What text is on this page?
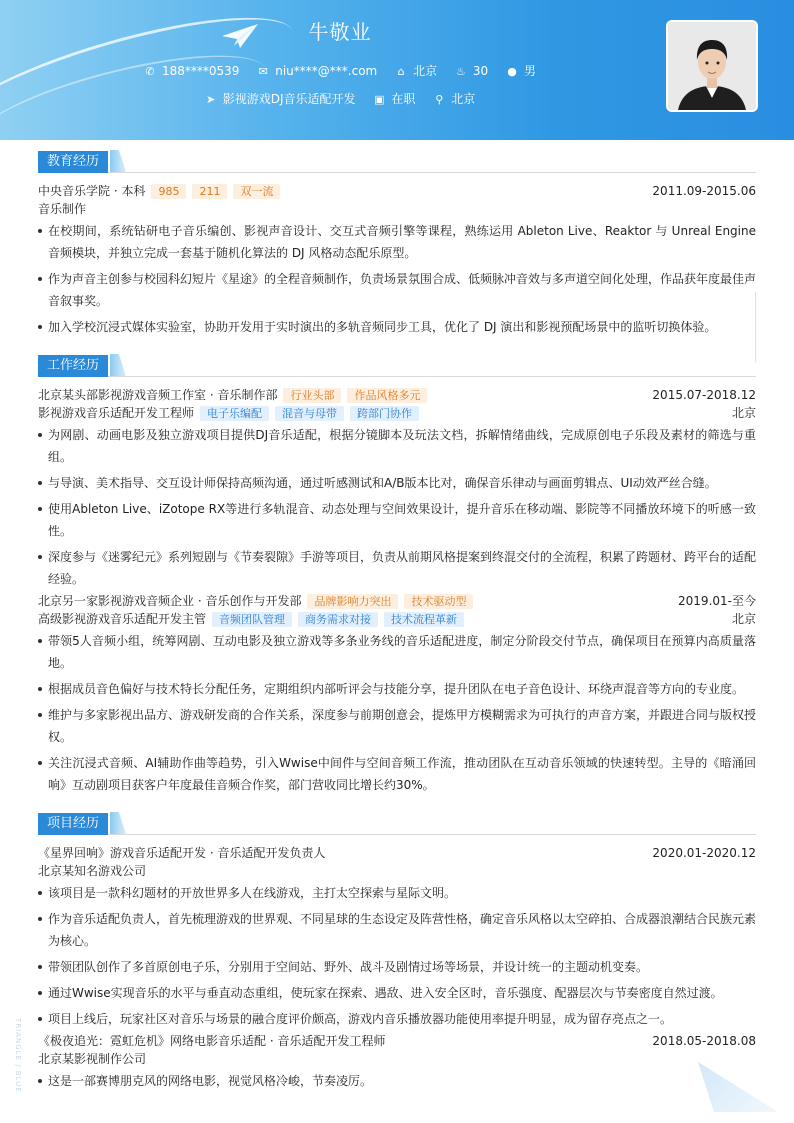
牛敬业
✆ 188****0539 ✉ niu****@***.com ⌂ 北京 ♨ 30 ● 男
➤ 影视游戏DJ音乐适配开发 ▣ 在职 ⚲ 北京
教育经历
中央音乐学院 · 本科	985	211	双一流	2011.09-2015.06
音乐制作
在校期间，系统钻研电子音乐编创、影视声音设计、交互式音频引擎等课程，熟练运用 Ableton Live、Reaktor 与 Unreal Engine 音频模块，并独立完成一套基于随机化算法的 DJ 风格动态配乐原型。
作为声音主创参与校园科幻短片《星途》的全程音频制作，负责场景氛围合成、低频脉冲音效与多声道空间化处理，作品获年度最佳声音叙事奖。
加入学校沉浸式媒体实验室，协助开发用于实时演出的多轨音频同步工具，优化了 DJ 演出和影视预配场景中的监听切换体验。
工作经历
北京某头部影视游戏音频工作室 · 音乐制作部	行业头部	作品风格多元	2015.07-2018.12
影视游戏音乐适配开发工程师	电子乐编配	混音与母带	跨部门协作	北京
为网剧、动画电影及独立游戏项目提供DJ音乐适配，根据分镜脚本及玩法文档，拆解情绪曲线，完成原创电子乐段及素材的筛选与重组。
与导演、美术指导、交互设计师保持高频沟通，通过听感测试和A/B版本比对，确保音乐律动与画面剪辑点、UI动效严丝合缝。
使用Ableton Live、iZotope RX等进行多轨混音、动态处理与空间效果设计，提升音乐在移动端、影院等不同播放环境下的听感一致性。
深度参与《迷雾纪元》系列短剧与《节奏裂隙》手游等项目，负责从前期风格提案到终混交付的全流程，积累了跨题材、跨平台的适配经验。
北京另一家影视游戏音频企业 · 音乐创作与开发部	品牌影响力突出	技术驱动型	2019.01-至今
高级影视游戏音乐适配开发主管	音频团队管理	商务需求对接	技术流程革新	北京
带领5人音频小组，统筹网剧、互动电影及独立游戏等多条业务线的音乐适配进度，制定分阶段交付节点，确保项目在预算内高质量落地。
根据成员音色偏好与技术特长分配任务，定期组织内部听评会与技能分享，提升团队在电子音色设计、环绕声混音等方向的专业度。
维护与多家影视出品方、游戏研发商的合作关系，深度参与前期创意会，提炼甲方模糊需求为可执行的声音方案，并跟进合同与版权授权。
关注沉浸式音频、AI辅助作曲等趋势，引入Wwise中间件与空间音频工作流，推动团队在互动音乐领域的快速转型。主导的《暗涌回响》互动剧项目获客户年度最佳音频合作奖，部门营收同比增长约30%。
项目经历
《星界回响》游戏音乐适配开发 · 音乐适配开发负责人	2020.01-2020.12
北京某知名游戏公司
该项目是一款科幻题材的开放世界多人在线游戏，主打太空探索与星际文明。
作为音乐适配负责人，首先梳理游戏的世界观、不同星球的生态设定及阵营性格，确定音乐风格以太空碎拍、合成器浪潮结合民族元素为核心。
带领团队创作了多首原创电子乐，分别用于空间站、野外、战斗及剧情过场等场景，并设计统一的主题动机变奏。
通过Wwise实现音乐的水平与垂直动态重组，使玩家在探索、遇敌、进入安全区时，音乐强度、配器层次与节奏密度自然过渡。
项目上线后，玩家社区对音乐与场景的融合度评价颇高，游戏内音乐播放器功能使用率提升明显，成为留存亮点之一。
《极夜追光：霓虹危机》网络电影音乐适配 · 音乐适配开发工程师	2018.05-2018.08
北京某影视制作公司
这是一部赛博朋克风的网络电影，视觉风格冷峻，节奏凌厉。
TRIANGLE / BLUE
